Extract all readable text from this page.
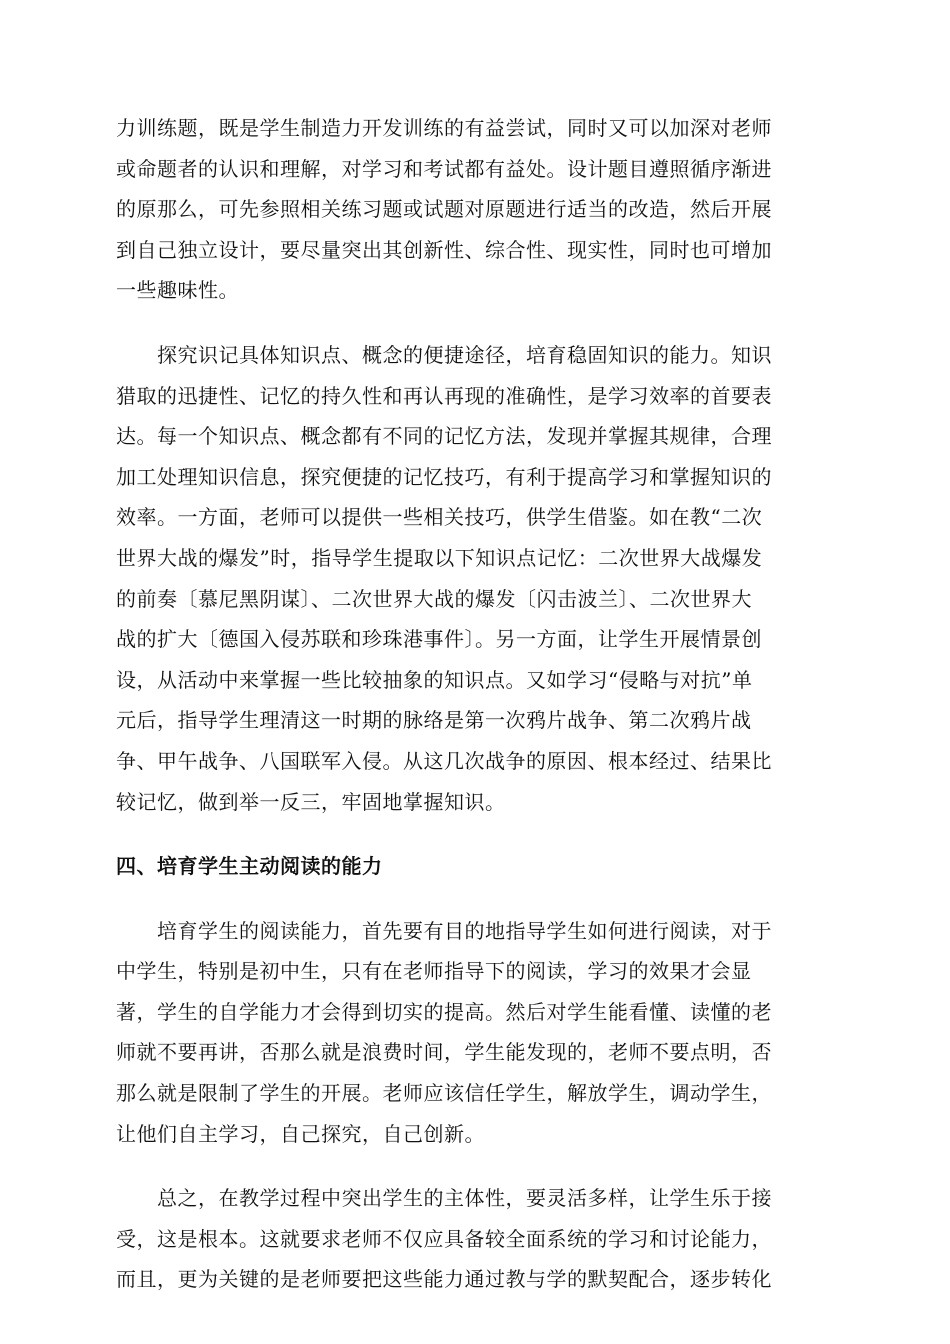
力训练题，既是学生制造力开发训练的有益尝试，同时又可以加深对老师
或命题者的认识和理解，对学习和考试都有益处。设计题目遵照循序渐进
的原那么，可先参照相关练习题或试题对原题进行适当的改造，然后开展
到自己独立设计，要尽量突出其创新性、综合性、现实性，同时也可增加
一些趣味性。

探究识记具体知识点、概念的便捷途径，培育稳固知识的能力。知识
猎取的迅捷性、记忆的持久性和再认再现的准确性，是学习效率的首要表
达。每一个知识点、概念都有不同的记忆方法，发现并掌握其规律，合理
加工处理知识信息，探究便捷的记忆技巧，有利于提高学习和掌握知识的
效率。一方面，老师可以提供一些相关技巧，供学生借鉴。如在教“二次
世界大战的爆发”时，指导学生提取以下知识点记忆：二次世界大战爆发
的前奏〔慕尼黑阴谋〕、二次世界大战的爆发〔闪击波兰〕、二次世界大
战的扩大〔德国入侵苏联和珍珠港事件〕。另一方面，让学生开展情景创
设，从活动中来掌握一些比较抽象的知识点。又如学习“侵略与对抗”单
元后，指导学生理清这一时期的脉络是第一次鸦片战争、第二次鸦片战
争、甲午战争、八国联军入侵。从这几次战争的原因、根本经过、结果比
较记忆，做到举一反三，牢固地掌握知识。

四、培育学生主动阅读的能力

培育学生的阅读能力，首先要有目的地指导学生如何进行阅读，对于
中学生，特别是初中生，只有在老师指导下的阅读，学习的效果才会显
著，学生的自学能力才会得到切实的提高。然后对学生能看懂、读懂的老
师就不要再讲，否那么就是浪费时间，学生能发现的，老师不要点明，否
那么就是限制了学生的开展。老师应该信任学生，解放学生，调动学生，
让他们自主学习，自己探究，自己创新。

总之，在教学过程中突出学生的主体性，要灵活多样，让学生乐于接
受，这是根本。这就要求老师不仅应具备较全面系统的学习和讨论能力，
而且，更为关键的是老师要把这些能力通过教与学的默契配合，逐步转化
